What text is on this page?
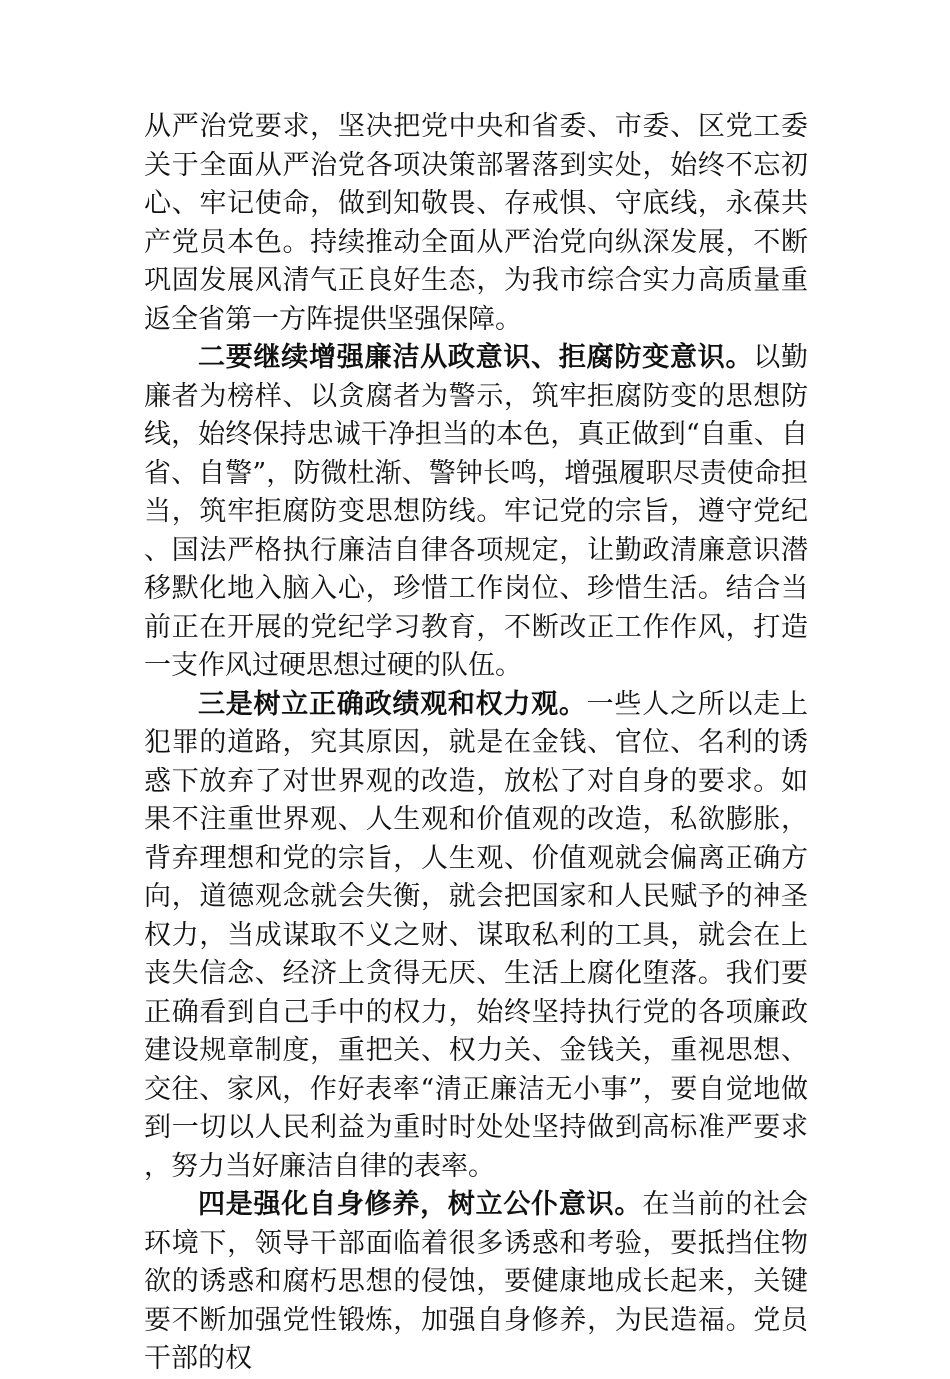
从严治党要求，坚决把党中央和省委、市委、区党工委关于全面从严治党各项决策部署落到实处，始终不忘初心、牢记使命，做到知敬畏、存戒惧、守底线，永葆共产党员本色。持续推动全面从严治党向纵深发展，不断巩固发展风清气正良好生态，为我市综合实力高质量重返全省第一方阵提供坚强保障。

二要继续增强廉洁从政意识、拒腐防变意识。以勤廉者为榜样、以贪腐者为警示，筑牢拒腐防变的思想防线，始终保持忠诚干净担当的本色，真正做到“自重、自省、自警”，防微杜渐、警钟长鸣，增强履职尽责使命担当，筑牢拒腐防变思想防线。牢记党的宗旨，遵守党纪、国法严格执行廉洁自律各项规定，让勤政清廉意识潜移默化地入脑入心，珍惜工作岗位、珍惜生活。结合当前正在开展的党纪学习教育，不断改正工作作风，打造一支作风过硬思想过硬的队伍。

三是树立正确政绩观和权力观。一些人之所以走上犯罪的道路，究其原因，就是在金钱、官位、名利的诱惑下放弃了对世界观的改造，放松了对自身的要求。如果不注重世界观、人生观和价值观的改造，私欲膨胀，背弃理想和党的宗旨，人生观、价值观就会偏离正确方向，道德观念就会失衡，就会把国家和人民赋予的神圣权力，当成谋取不义之财、谋取私利的工具，就会在上丧失信念、经济上贪得无厌、生活上腐化堕落。我们要正确看到自己手中的权力，始终坚持执行党的各项廉政建设规章制度，重把关、权力关、金钱关，重视思想、交往、家风，作好表率“清正廉洁无小事”，要自觉地做到一切以人民利益为重时时处处坚持做到高标准严要求，努力当好廉洁自律的表率。

四是强化自身修养，树立公仆意识。在当前的社会环境下，领导干部面临着很多诱惑和考验，要抵挡住物欲的诱惑和腐朽思想的侵蚀，要健康地成长起来，关键要不断加强党性锻炼，加强自身修养，为民造福。党员干部的权
